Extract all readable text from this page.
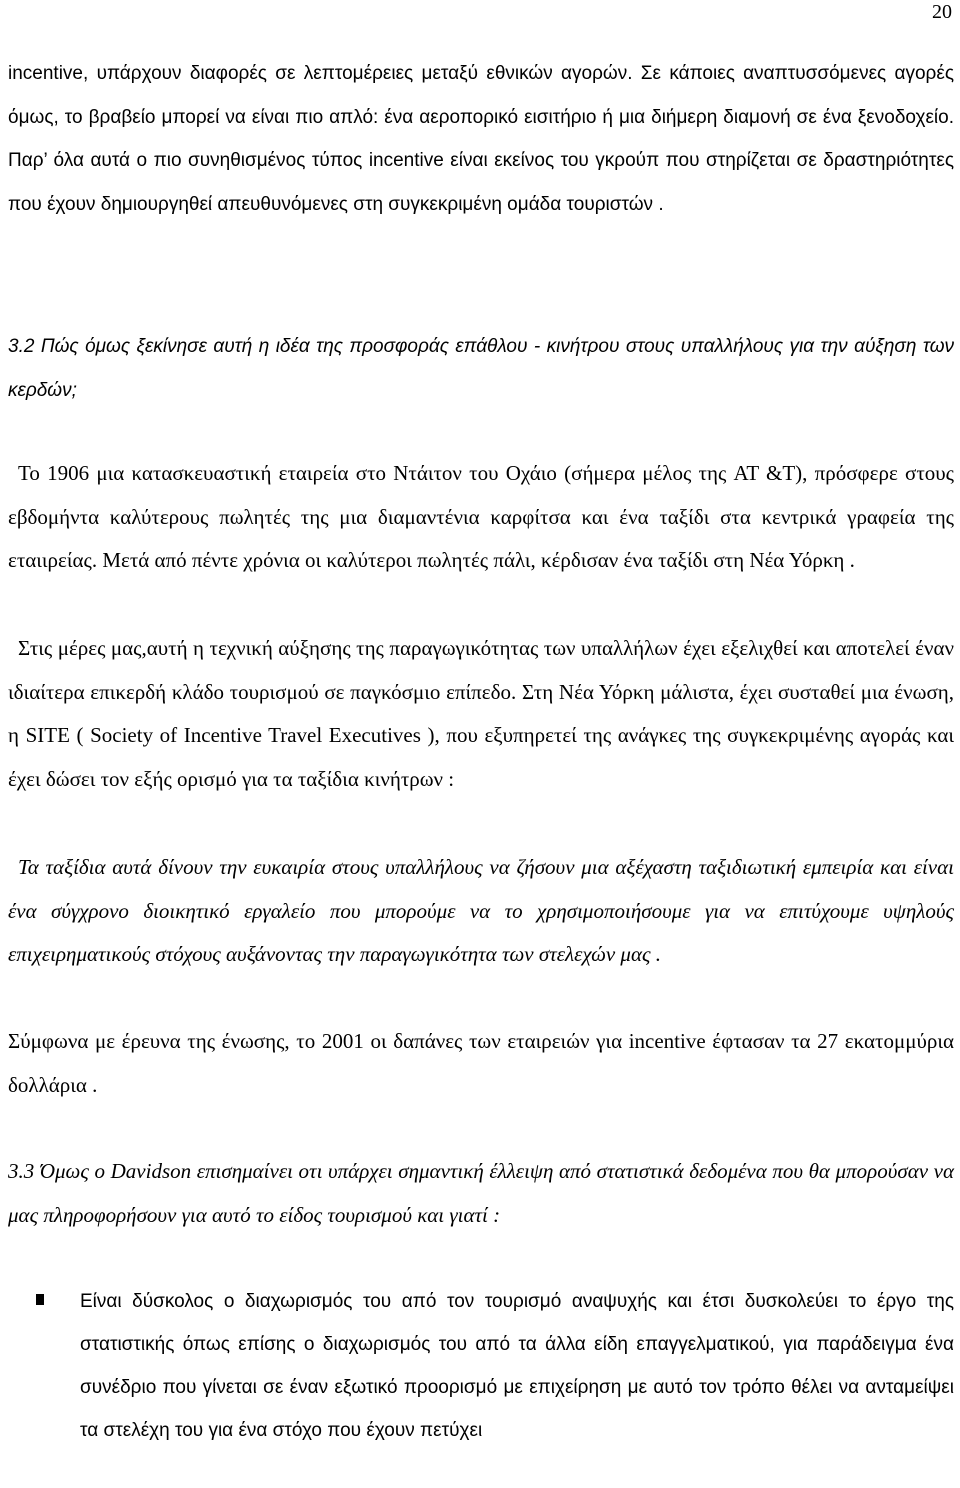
20

incentive, υπάρχουν διαφορές σε λεπτομέρειες μεταξύ εθνικών αγορών. Σε κάποιες αναπτυσσόμενες αγορές όμως, το βραβείο μπορεί να είναι πιο απλό: ένα αεροπορικό εισιτήριο ή μια διήμερη διαμονή σε ένα ξενοδοχείο. Παρ’ όλα αυτά ο πιο συνηθισμένος τύπος incentive είναι εκείνος του γκρούπ που στηρίζεται σε δραστηριότητες που έχουν δημιουργηθεί απευθυνόμενες στη συγκεκριμένη ομάδα τουριστών .

3.2 Πώς όμως ξεκίνησε αυτή η ιδέα της προσφοράς επάθλου - κινήτρου στους υπαλλήλους για την αύξηση των κερδών;

Το 1906 μια κατασκευαστική εταιρεία στο Ντάιτον του Οχάιο (σήμερα μέλος της AT &T), πρόσφερε στους εβδομήντα καλύτερους πωλητές της μια διαμαντένια καρφίτσα και ένα ταξίδι στα κεντρικά γραφεία της εταιιρείας. Μετά από πέντε χρόνια οι καλύτεροι πωλητές πάλι, κέρδισαν ένα ταξίδι στη Νέα Υόρκη .

Στις μέρες μας,αυτή η τεχνική αύξησης της παραγωγικότητας των υπαλλήλων έχει εξελιχθεί και αποτελεί έναν ιδιαίτερα επικερδή κλάδο τουρισμού σε παγκόσμιο επίπεδο. Στη Νέα Υόρκη μάλιστα, έχει συσταθεί μια ένωση, η SITE ( Society of Incentive Travel Executives ), που εξυπηρετεί της ανάγκες της συγκεκριμένης αγοράς και έχει δώσει τον εξής ορισμό για τα ταξίδια κινήτρων :

Τα ταξίδια αυτά δίνουν την ευκαιρία στους υπαλλήλους να ζήσουν μια αξέχαστη ταξιδιωτική εμπειρία και είναι ένα σύγχρονο διοικητικό εργαλείο που μπορούμε να το χρησιμοποιήσουμε για να επιτύχουμε υψηλούς επιχειρηματικούς στόχους αυξάνοντας την παραγωγικότητα των στελεχών μας .

Σύμφωνα με έρευνα της ένωσης, το 2001 οι δαπάνες των εταιρειών για incentive έφτασαν τα 27 εκατομμύρια δολλάρια .

3.3 Όμως ο Davidson επισημαίνει οτι υπάρχει σημαντική έλλειψη από στατιστικά δεδομένα που θα μπορούσαν να μας πληροφορήσουν για αυτό το είδος τουρισμού και γιατί :

Είναι δύσκολος ο διαχωρισμός του από τον τουρισμό αναψυχής και έτσι δυσκολεύει το έργο της στατιστικής όπως επίσης ο διαχωρισμός του από τα άλλα είδη επαγγελματικού, για παράδειγμα ένα συνέδριο που γίνεται σε έναν εξωτικό προορισμό με επιχείρηση με αυτό τον τρόπο θέλει να ανταμείψει τα στελέχη του για ένα στόχο που έχουν πετύχει
